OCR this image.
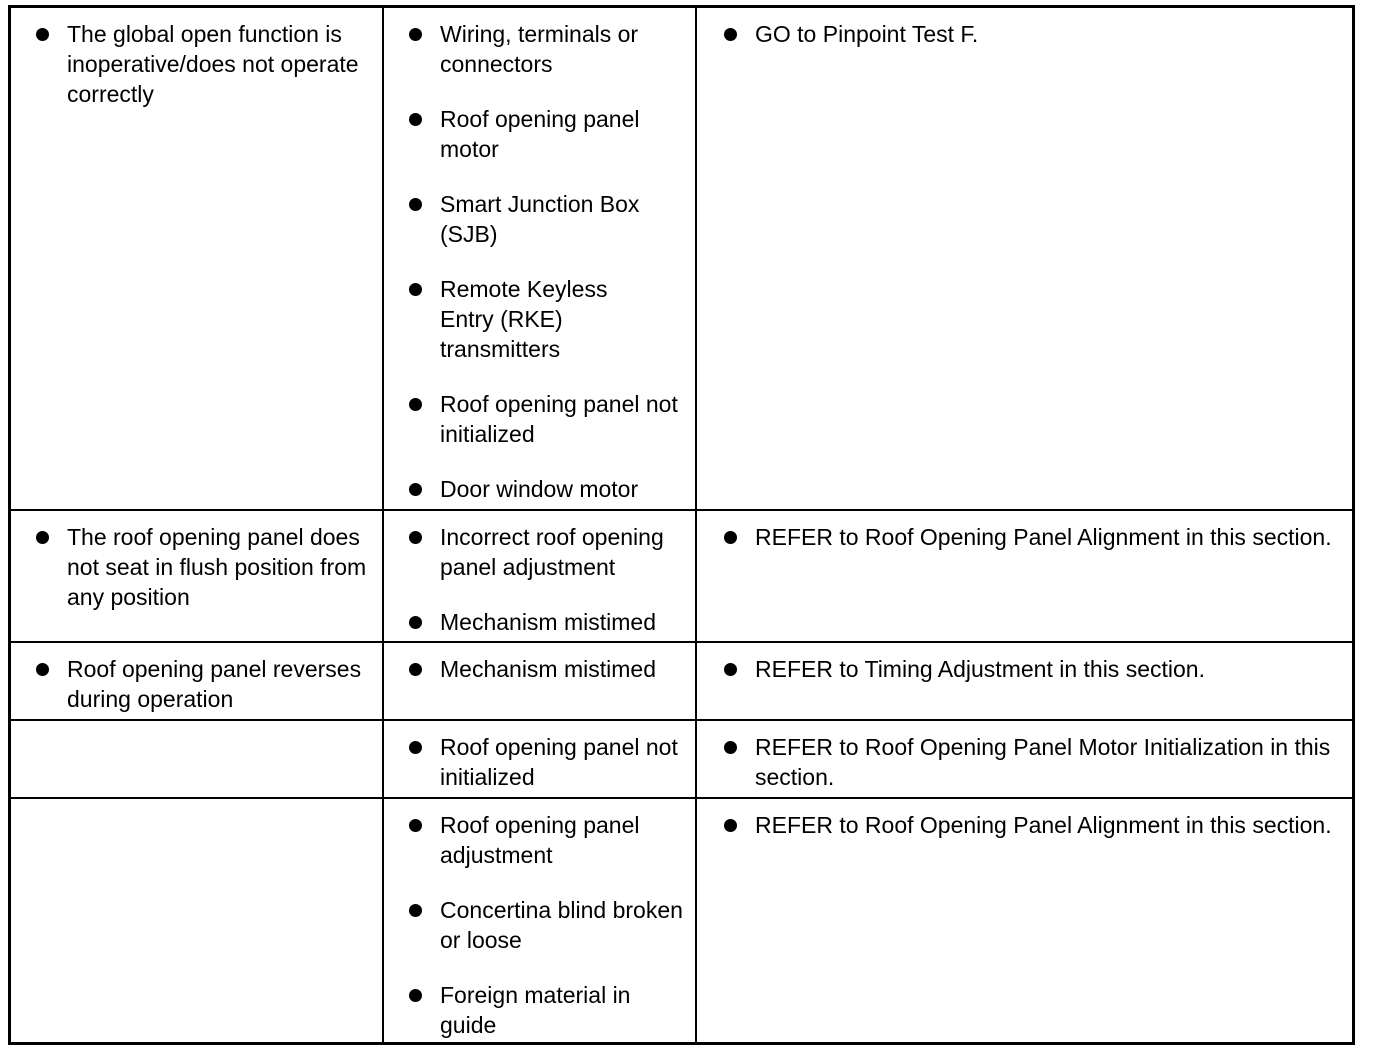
The global open function is inoperative/does not operate correctly
Wiring, terminals or connectors
Roof opening panel motor
Smart Junction Box (SJB)
Remote Keyless Entry (RKE) transmitters
Roof opening panel not initialized
Door window motor
GO to Pinpoint Test F.
The roof opening panel does not seat in flush position from any position
Incorrect roof opening panel adjustment
Mechanism mistimed
REFER to Roof Opening Panel Alignment in this section.
Roof opening panel reverses during operation
Mechanism mistimed	REFER to Timing Adjustment in this section.
Roof opening panel not initialized
REFER to Roof Opening Panel Motor Initialization in this section.
Roof opening panel adjustment
Concertina blind broken or loose
Foreign material in guide
REFER to Roof Opening Panel Alignment in this section.
